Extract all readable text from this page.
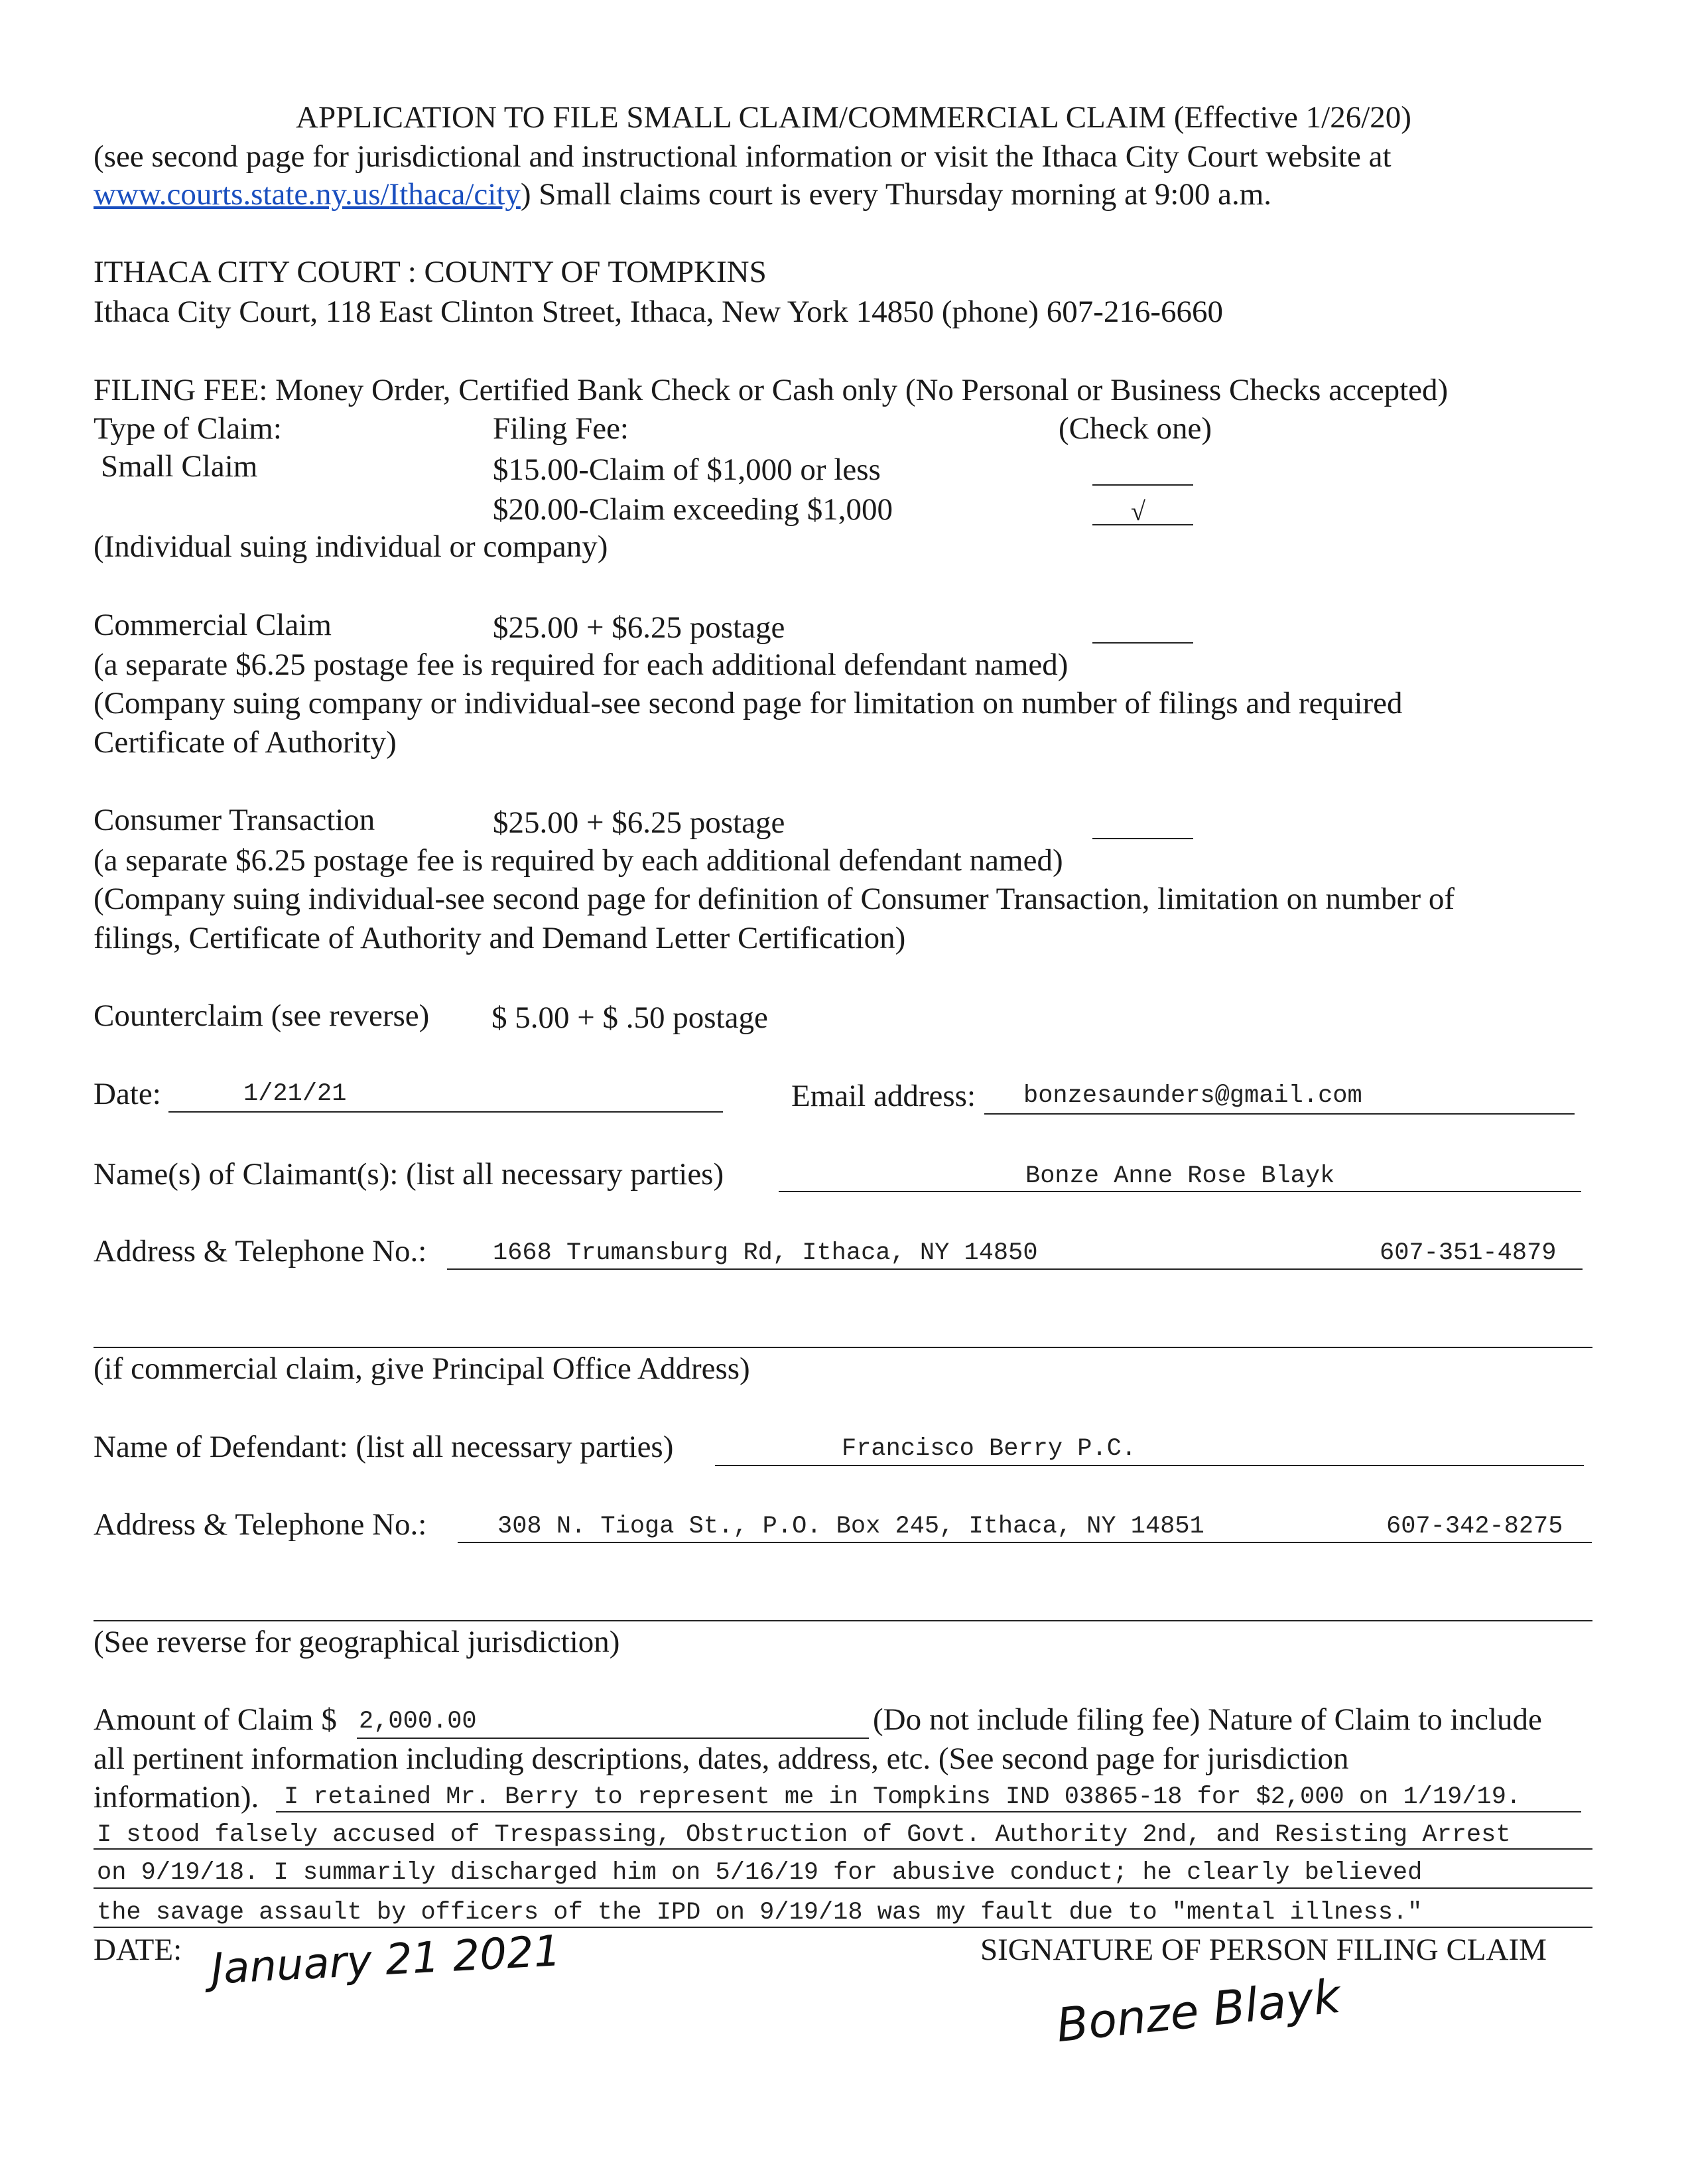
APPLICATION TO FILE SMALL CLAIM/COMMERCIAL CLAIM (Effective 1/26/20)
(see second page for jurisdictional and instructional information or visit the Ithaca City Court website at
www.courts.state.ny.us/Ithaca/city) Small claims court is every Thursday morning at 9:00 a.m.
ITHACA CITY COURT : COUNTY OF TOMPKINS
Ithaca City Court, 118 East Clinton Street, Ithaca, New York 14850 (phone) 607-216-6660
FILING FEE: Money Order, Certified Bank Check or Cash only (No Personal or Business Checks accepted)
Type of Claim:	Filing Fee:	(Check one)
Small Claim	$15.00-Claim of $1,000 or less
$20.00-Claim exceeding $1,000	√
(Individual suing individual or company)
Commercial Claim	$25.00 + $6.25 postage
(a separate $6.25 postage fee is required for each additional defendant named)
(Company suing company or individual-see second page for limitation on number of filings and required
Certificate of Authority)
Consumer Transaction	$25.00 + $6.25 postage
(a separate $6.25 postage fee is required by each additional defendant named)
(Company suing individual-see second page for definition of Consumer Transaction, limitation on number of
filings, Certificate of Authority and Demand Letter Certification)
Counterclaim (see reverse) $ 5.00 + $ .50 postage
Date:	1/21/21	Email address: bonzesaunders@gmail.com
Name(s) of Claimant(s): (list all necessary parties)	Bonze Anne Rose Blayk
Address & Telephone No.:	1668 Trumansburg Rd, Ithaca, NY 14850	607-351-4879
(if commercial claim, give Principal Office Address)
Name of Defendant: (list all necessary parties)	Francisco Berry P.C.
Address & Telephone No.:	308 N. Tioga St., P.O. Box 245, Ithaca, NY 14851	607-342-8275
(See reverse for geographical jurisdiction)
Amount of Claim $ 2,000.00	(Do not include filing fee) Nature of Claim to include
all pertinent information including descriptions, dates, address, etc. (See second page for jurisdiction
information). I retained Mr. Berry to represent me in Tompkins IND 03865-18 for $2,000 on 1/19/19.
I stood falsely accused of Trespassing, Obstruction of Govt. Authority 2nd, and Resisting Arrest
on 9/19/18. I summarily discharged him on 5/16/19 for abusive conduct; he clearly believed
the savage assault by officers of the IPD on 9/19/18 was my fault due to "mental illness."
DATE: January 21 2021	SIGNATURE OF PERSON FILING CLAIM
Bonze Blayk
